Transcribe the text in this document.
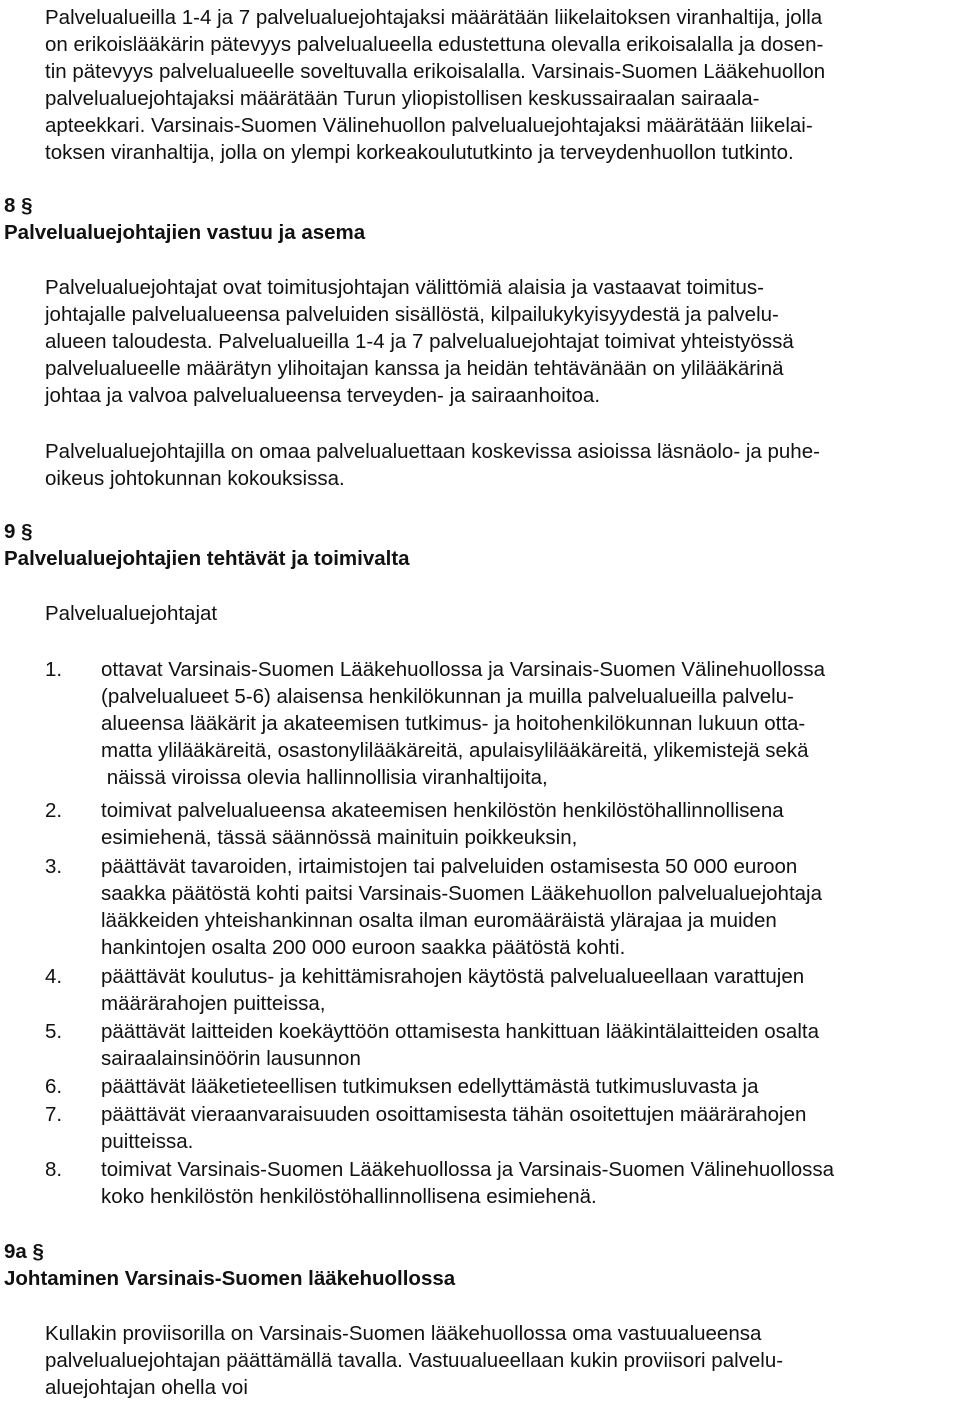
Palvelualueilla 1-4 ja 7 palvelualuejohtajaksi määrätään liikelaitoksen viranhaltija, jolla
on erikoislääkärin pätevyys palvelualueella edustettuna olevalla erikoisalalla ja dosen-
tin pätevyys palvelualueelle soveltuvalla erikoisalalla. Varsinais-Suomen Lääkehuollon
palvelualuejohtajaksi määrätään Turun yliopistollisen keskussairaalan sairaala-
apteekkari. Varsinais-Suomen Välinehuollon palvelualuejohtajaksi määrätään liikelai-
toksen viranhaltija, jolla on ylempi korkeakoulututkinto ja terveydenhuollon tutkinto.
8 §
Palvelualuejohtajien vastuu ja asema
Palvelualuejohtajat ovat toimitusjohtajan välittömiä alaisia ja vastaavat toimitus-
johtajalle palvelualueensa palveluiden sisällöstä, kilpailukykyisyydestä ja palvelu-
alueen taloudesta. Palvelualueilla 1-4 ja 7 palvelualuejohtajat toimivat yhteistyössä
palvelualueelle määrätyn ylihoitajan kanssa ja heidän tehtävänään on ylilääkärinä
johtaa ja valvoa palvelualueensa terveyden- ja sairaanhoitoa.
Palvelualuejohtajilla on omaa palvelualuettaan koskevissa asioissa läsnäolo- ja puhe-
oikeus johtokunnan kokouksissa.
9 §
Palvelualuejohtajien tehtävät ja toimivalta
Palvelualuejohtajat
1. ottavat Varsinais-Suomen Lääkehuollossa ja Varsinais-Suomen Välinehuollossa
(palvelualueet 5-6) alaisensa henkilökunnan ja muilla palvelualueilla palvelu-
alueensa lääkärit ja akateemisen tutkimus- ja hoitohenkilökunnan lukuun otta-
matta ylilääkäreitä, osastonylilääkäreitä, apulaisylilääkäreitä, ylikemistejä sekä
näissä viroissa olevia hallinnollisia viranhaltijoita,
2. toimivat palvelualueensa akateemisen henkilöstön henkilöstöhallinnollisena
esimiehenä, tässä säännössä mainituin poikkeuksin,
3. päättävät tavaroiden, irtaimistojen tai palveluiden ostamisesta 50 000 euroon
saakka päätöstä kohti paitsi Varsinais-Suomen Lääkehuollon palvelualuejohtaja
lääkkeiden yhteishankinnan osalta ilman euromääräistä ylärajaa ja muiden
hankintojen osalta 200 000 euroon saakka päätöstä kohti.
4. päättävät koulutus- ja kehittämisrahojen käytöstä palvelualueellaan varattujen
määrärahojen puitteissa,
5. päättävät laitteiden koekäyttöön ottamisesta hankittuan lääkintälaitteiden osalta
sairaalainsinöörin lausunnon
6. päättävät lääketieteellisen tutkimuksen edellyttämästä tutkimusluvasta ja
7. päättävät vieraanvaraisuuden osoittamisesta tähän osoitettujen määrärahojen
puitteissa.
8. toimivat Varsinais-Suomen Lääkehuollossa ja Varsinais-Suomen Välinehuollossa
koko henkilöstön henkilöstöhallinnollisena esimiehenä.
9a §
Johtaminen Varsinais-Suomen lääkehuollossa
Kullakin proviisorilla on Varsinais-Suomen lääkehuollossa oma vastuualueensa
palvelualuejohtajan päättämällä tavalla. Vastuualueellaan kukin proviisori palvelu-
aluejohtajan ohella voi
